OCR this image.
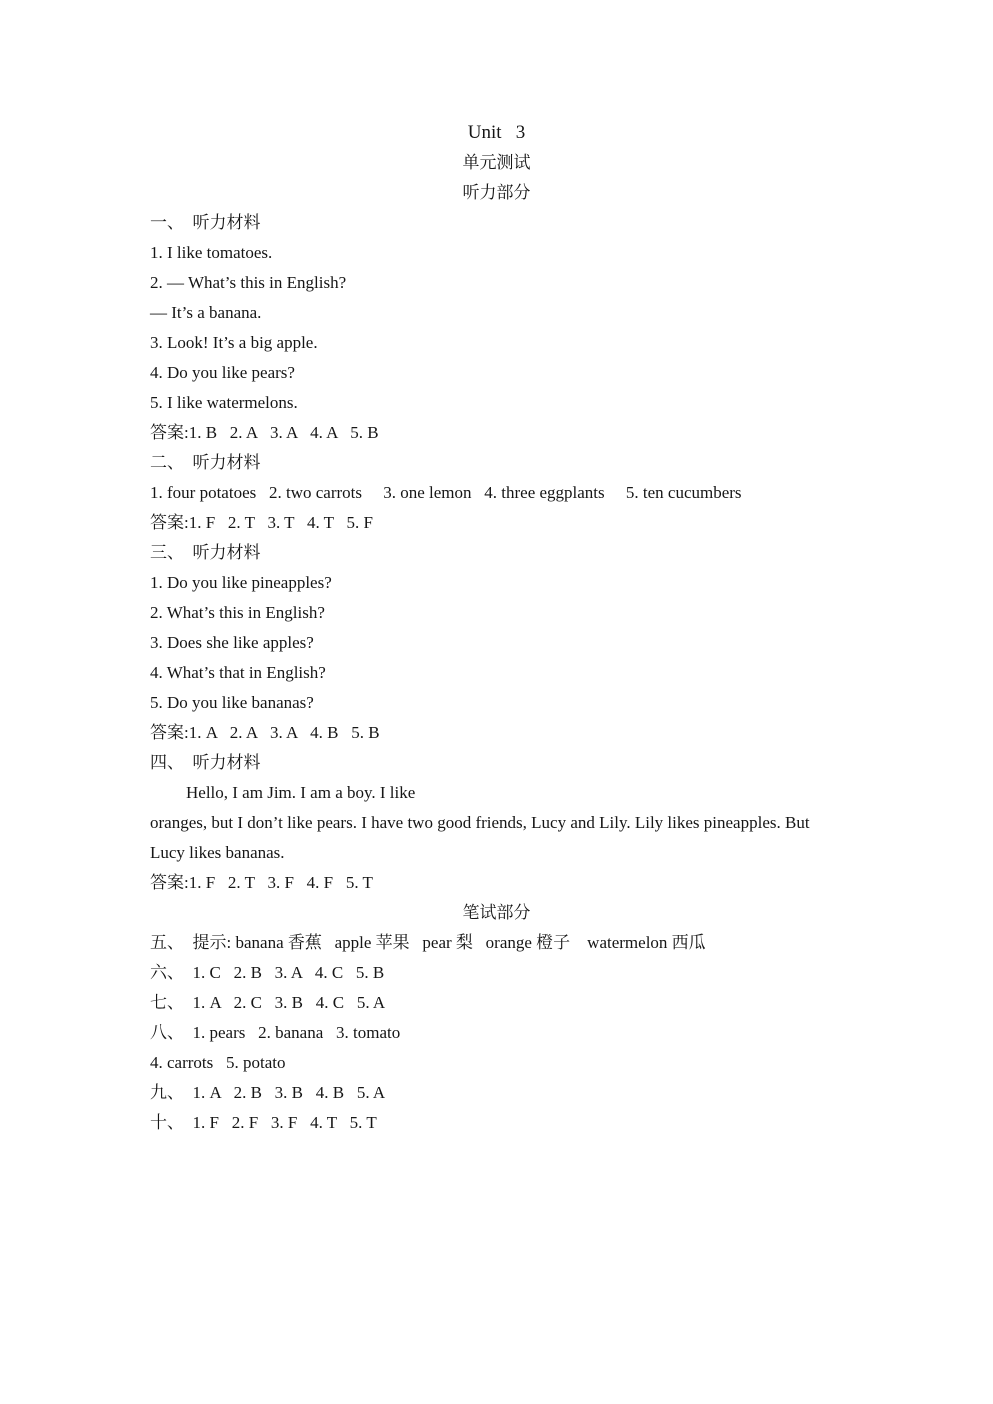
Unit   3
单元测试
听力部分
一、  听力材料
1. I like tomatoes.
2. — What’s this in English?
— It’s a banana.
3. Look! It’s a big apple.
4. Do you like pears?
5. I like watermelons.
答案:1. B   2. A   3. A   4. A   5. B
二、  听力材料
1. four potatoes   2. two carrots     3. one lemon   4. three eggplants     5. ten cucumbers
答案:1. F   2. T   3. T   4. T   5. F
三、  听力材料
1. Do you like pineapples?
2. What’s this in English?
3. Does she like apples?
4. What’s that in English?
5. Do you like bananas?
答案:1. A   2. A   3. A   4. B   5. B
四、  听力材料
Hello, I am Jim. I am a boy. I like
oranges, but I don’t like pears. I have two good friends, Lucy and Lily. Lily likes pineapples. But
Lucy likes bananas.
答案:1. F   2. T   3. F   4. F   5. T
笔试部分
五、  提示: banana 香蕉   apple 苹果   pear 梨   orange 橙子    watermelon 西瓜
六、  1. C   2. B   3. A   4. C   5. B
七、  1. A   2. C   3. B   4. C   5. A
八、  1. pears   2. banana   3. tomato
4. carrots   5. potato
九、  1. A   2. B   3. B   4. B   5. A
十、  1. F   2. F   3. F   4. T   5. T
